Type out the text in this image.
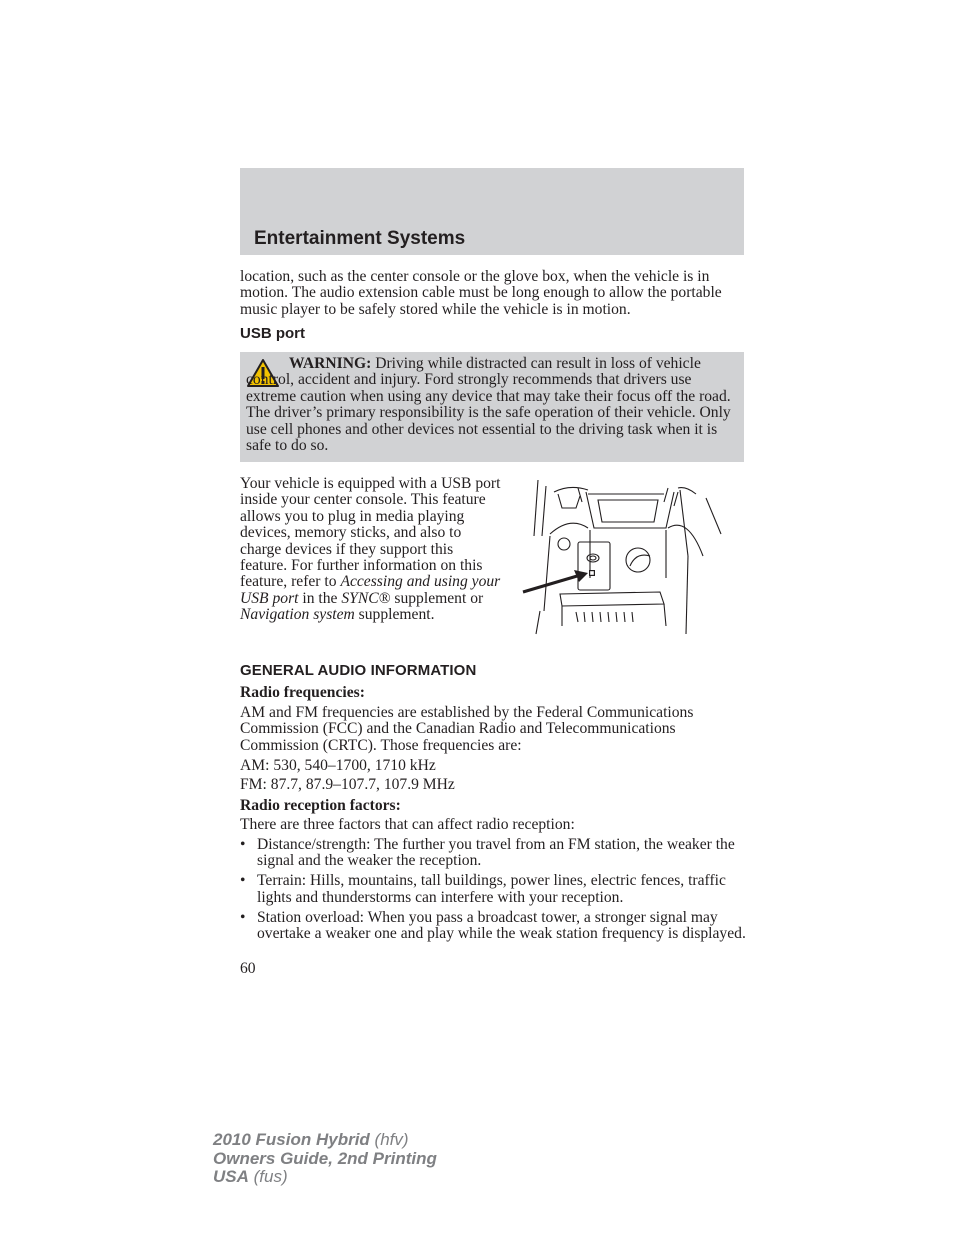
Entertainment Systems

location, such as the center console or the glove box, when the vehicle is in motion. The audio extension cable must be long enough to allow the portable music player to be safely stored while the vehicle is in motion.

USB port

WARNING: Driving while distracted can result in loss of vehicle control, accident and injury. Ford strongly recommends that drivers use extreme caution when using any device that may take their focus off the road. The driver’s primary responsibility is the safe operation of their vehicle. Only use cell phones and other devices not essential to the driving task when it is safe to do so.

Your vehicle is equipped with a USB port inside your center console. This feature allows you to plug in media playing devices, memory sticks, and also to charge devices if they support this feature. For further information on this feature, refer to Accessing and using your USB port in the SYNC® supplement or Navigation system supplement.

GENERAL AUDIO INFORMATION
Radio frequencies:

AM and FM frequencies are established by the Federal Communications Commission (FCC) and the Canadian Radio and Telecommunications Commission (CRTC). Those frequencies are:

AM: 530, 540–1700, 1710 kHz

FM: 87.7, 87.9–107.7, 107.9 MHz

Radio reception factors:

There are three factors that can affect radio reception:

• Distance/strength: The further you travel from an FM station, the weaker the signal and the weaker the reception.
• Terrain: Hills, mountains, tall buildings, power lines, electric fences, traffic lights and thunderstorms can interfere with your reception.
• Station overload: When you pass a broadcast tower, a stronger signal may overtake a weaker one and play while the weak station frequency is displayed.
60
2010 Fusion Hybrid (hfv)
Owners Guide, 2nd Printing
USA (fus)
